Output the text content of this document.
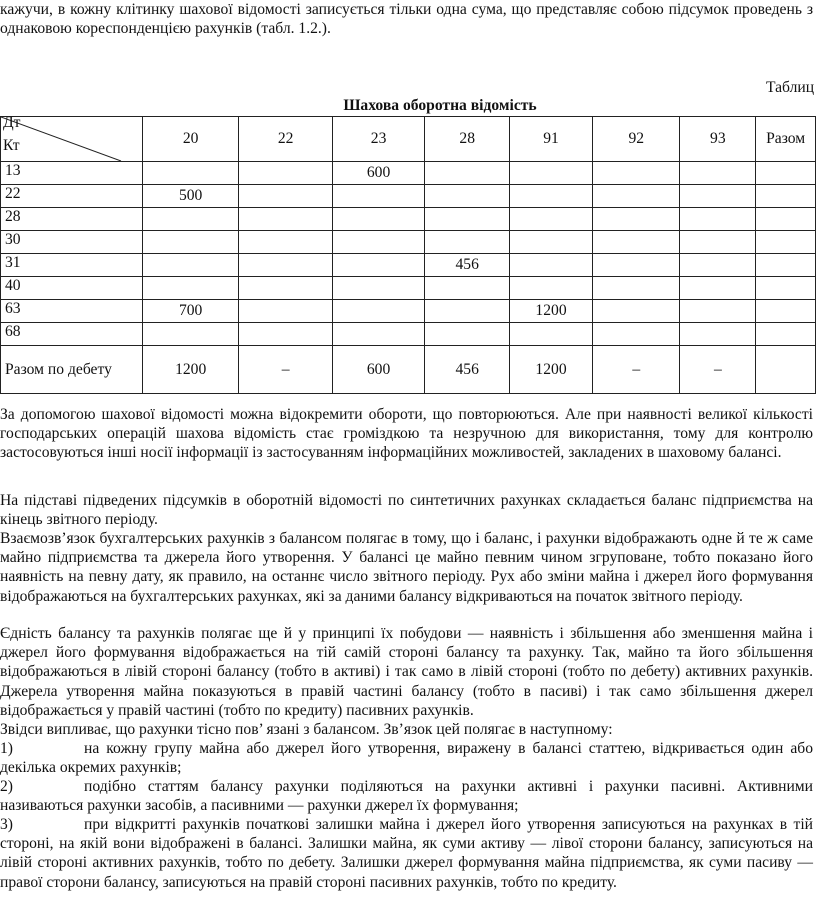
кажучи, в кожну клітинку шахової відомості записується тільки одна сума, що представляє собою підсумок проведень з однаковою кореспонденцією рахунків (табл. 1.2.).

Таблиц
Шахова оборотна відомість
Дт
Кт	20	22	23	28	91	92	93	Разом
13			600					
22	500							
28								
30								
31				456				
40								
63	700				1200			
68								
Разом по дебету	1200	–	600	456	1200	–	–	

За допомогою шахової відомості можна відокремити обороти, що повторюються. Але при наявності великої кількості господарських операцій шахова відомість стає громіздкою та незручною для використання, тому для контролю застосовуються інші носії інформації із застосуванням інформаційних можливостей, закладених в шаховому балансі.

На підставі підведених підсумків в оборотній відомості по синтетичних рахунках складається баланс підприємства на кінець звітного періоду.

Взаємозв’язок бухгалтерських рахунків з балансом полягає в тому, що і баланс, і рахунки відображають одне й те ж саме майно підприємства та джерела його утворення. У балансі це майно певним чином згруповане, тобто показано його наявність на певну дату, як правило, на останнє число звітного періоду. Рух або зміни майна і джерел його формування відображаються на бухгалтерських рахунках, які за даними балансу відкриваються на початок звітного періоду.

Єдність балансу та рахунків полягає ще й у принципі їх побудови — наявність і збільшення або зменшення майна і джерел його формування відображається на тій самій стороні балансу та рахунку. Так, майно та його збільшення відображаються в лівій стороні балансу (тобто в активі) і так само в лівій стороні (тобто по дебету) активних рахунків. Джерела утворення майна показуються в правій частині балансу (тобто в пасиві) і так само збільшення джерел відображається у правій частині (тобто по кредиту) пасивних рахунків.

Звідси випливає, що рахунки тісно пов’ язані з балансом. Зв’язок цей полягає в наступному:

1)	на кожну групу майна або джерел його утворення, виражену в балансі статтею, відкривається один або декілька окремих рахунків;
2)	подібно статтям балансу рахунки поділяються на рахунки активні і рахунки пасивні. Активними називаються рахунки засобів, а пасивними — рахунки джерел їх формування;
3)	при відкритті рахунків початкові залишки майна і джерел його утворення записуються на рахунках в тій стороні, на якій вони відображені в балансі. Залишки майна, як суми активу — лівої сторони балансу, записуються на лівій стороні активних рахунків, тобто по дебету. Залишки джерел формування майна підприємства, як суми пасиву — правої сторони балансу, записуються на правій стороні пасивних рахунків, тобто по кредиту.
